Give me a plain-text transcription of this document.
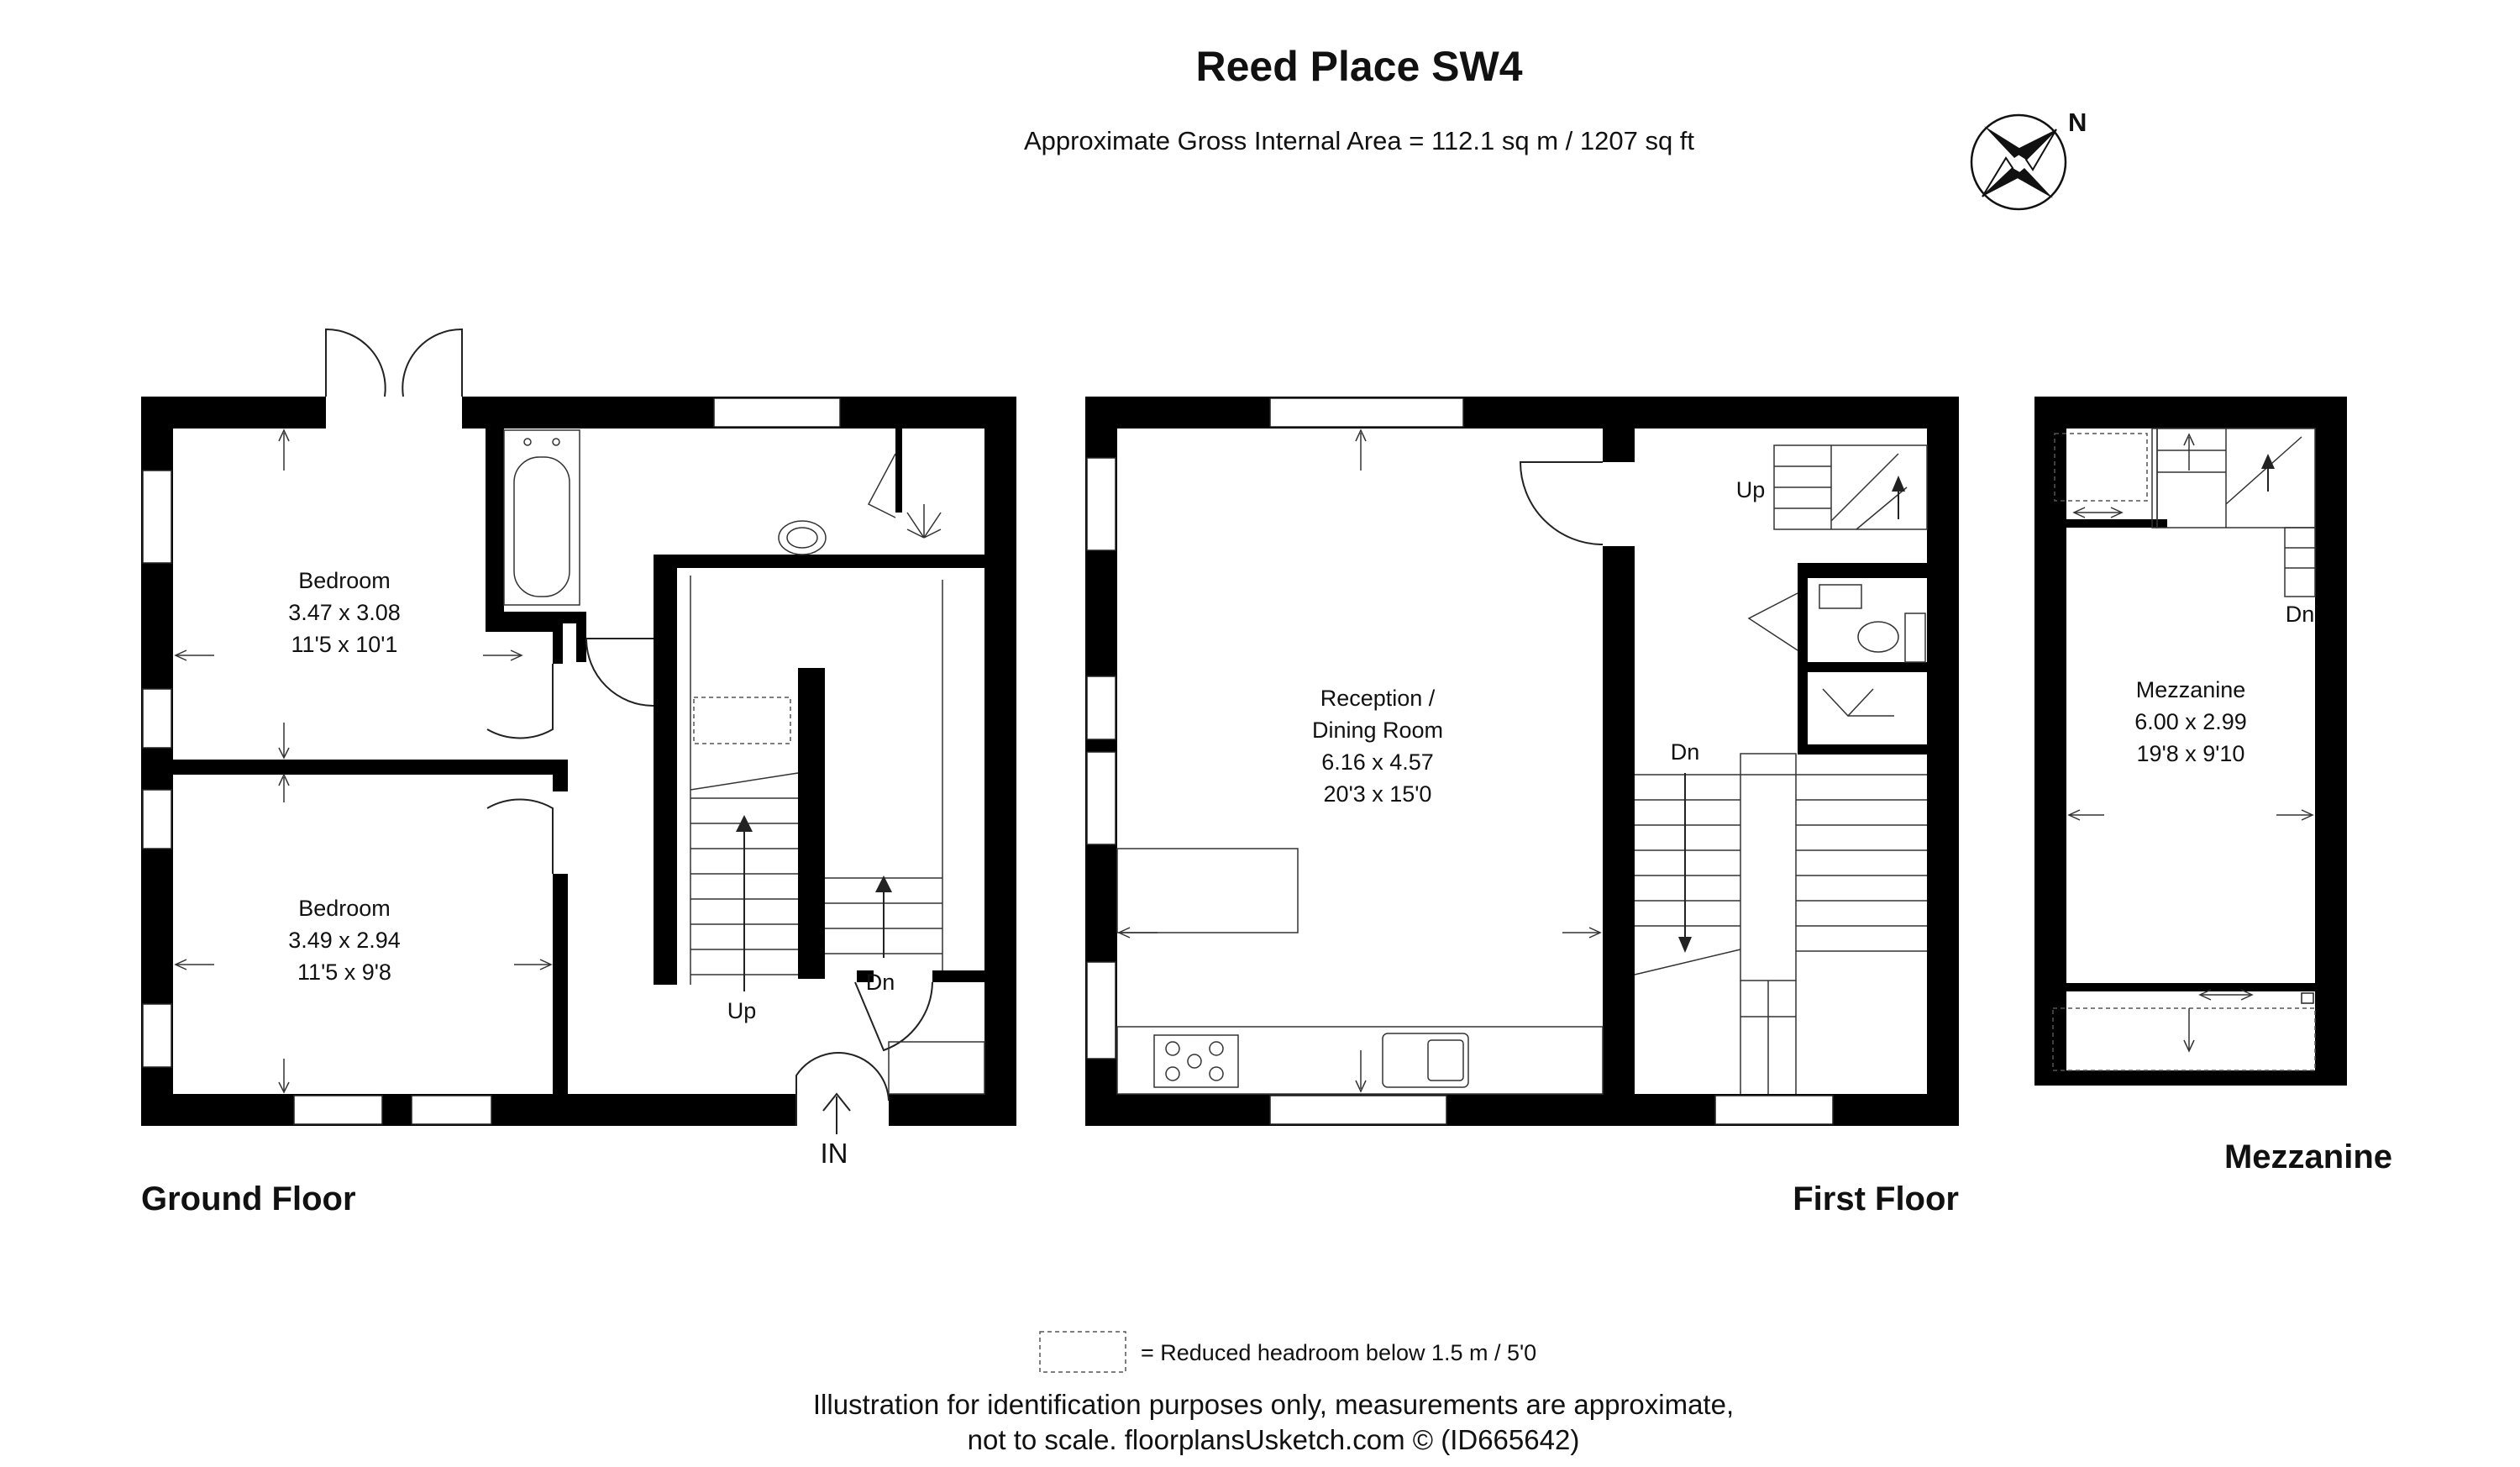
Reed Place SW4
Approximate Gross Internal Area = 112.1 sq m / 1207 sq ft
N
Bedroom
3.47 x 3.08
11'5 x 10'1
Bedroom
3.49 x 2.94
11'5 x 9'8
Up
Dn
IN
Ground Floor
Reception /
Dining Room
6.16 x 4.57
20'3 x 15'0
Up
Dn
First Floor
Mezzanine
6.00 x 2.99
19'8 x 9'10
Dn
Mezzanine
= Reduced headroom below 1.5 m / 5'0
Illustration for identification purposes only, measurements are approximate,
not to scale. floorplansUsketch.com © (ID665642)
